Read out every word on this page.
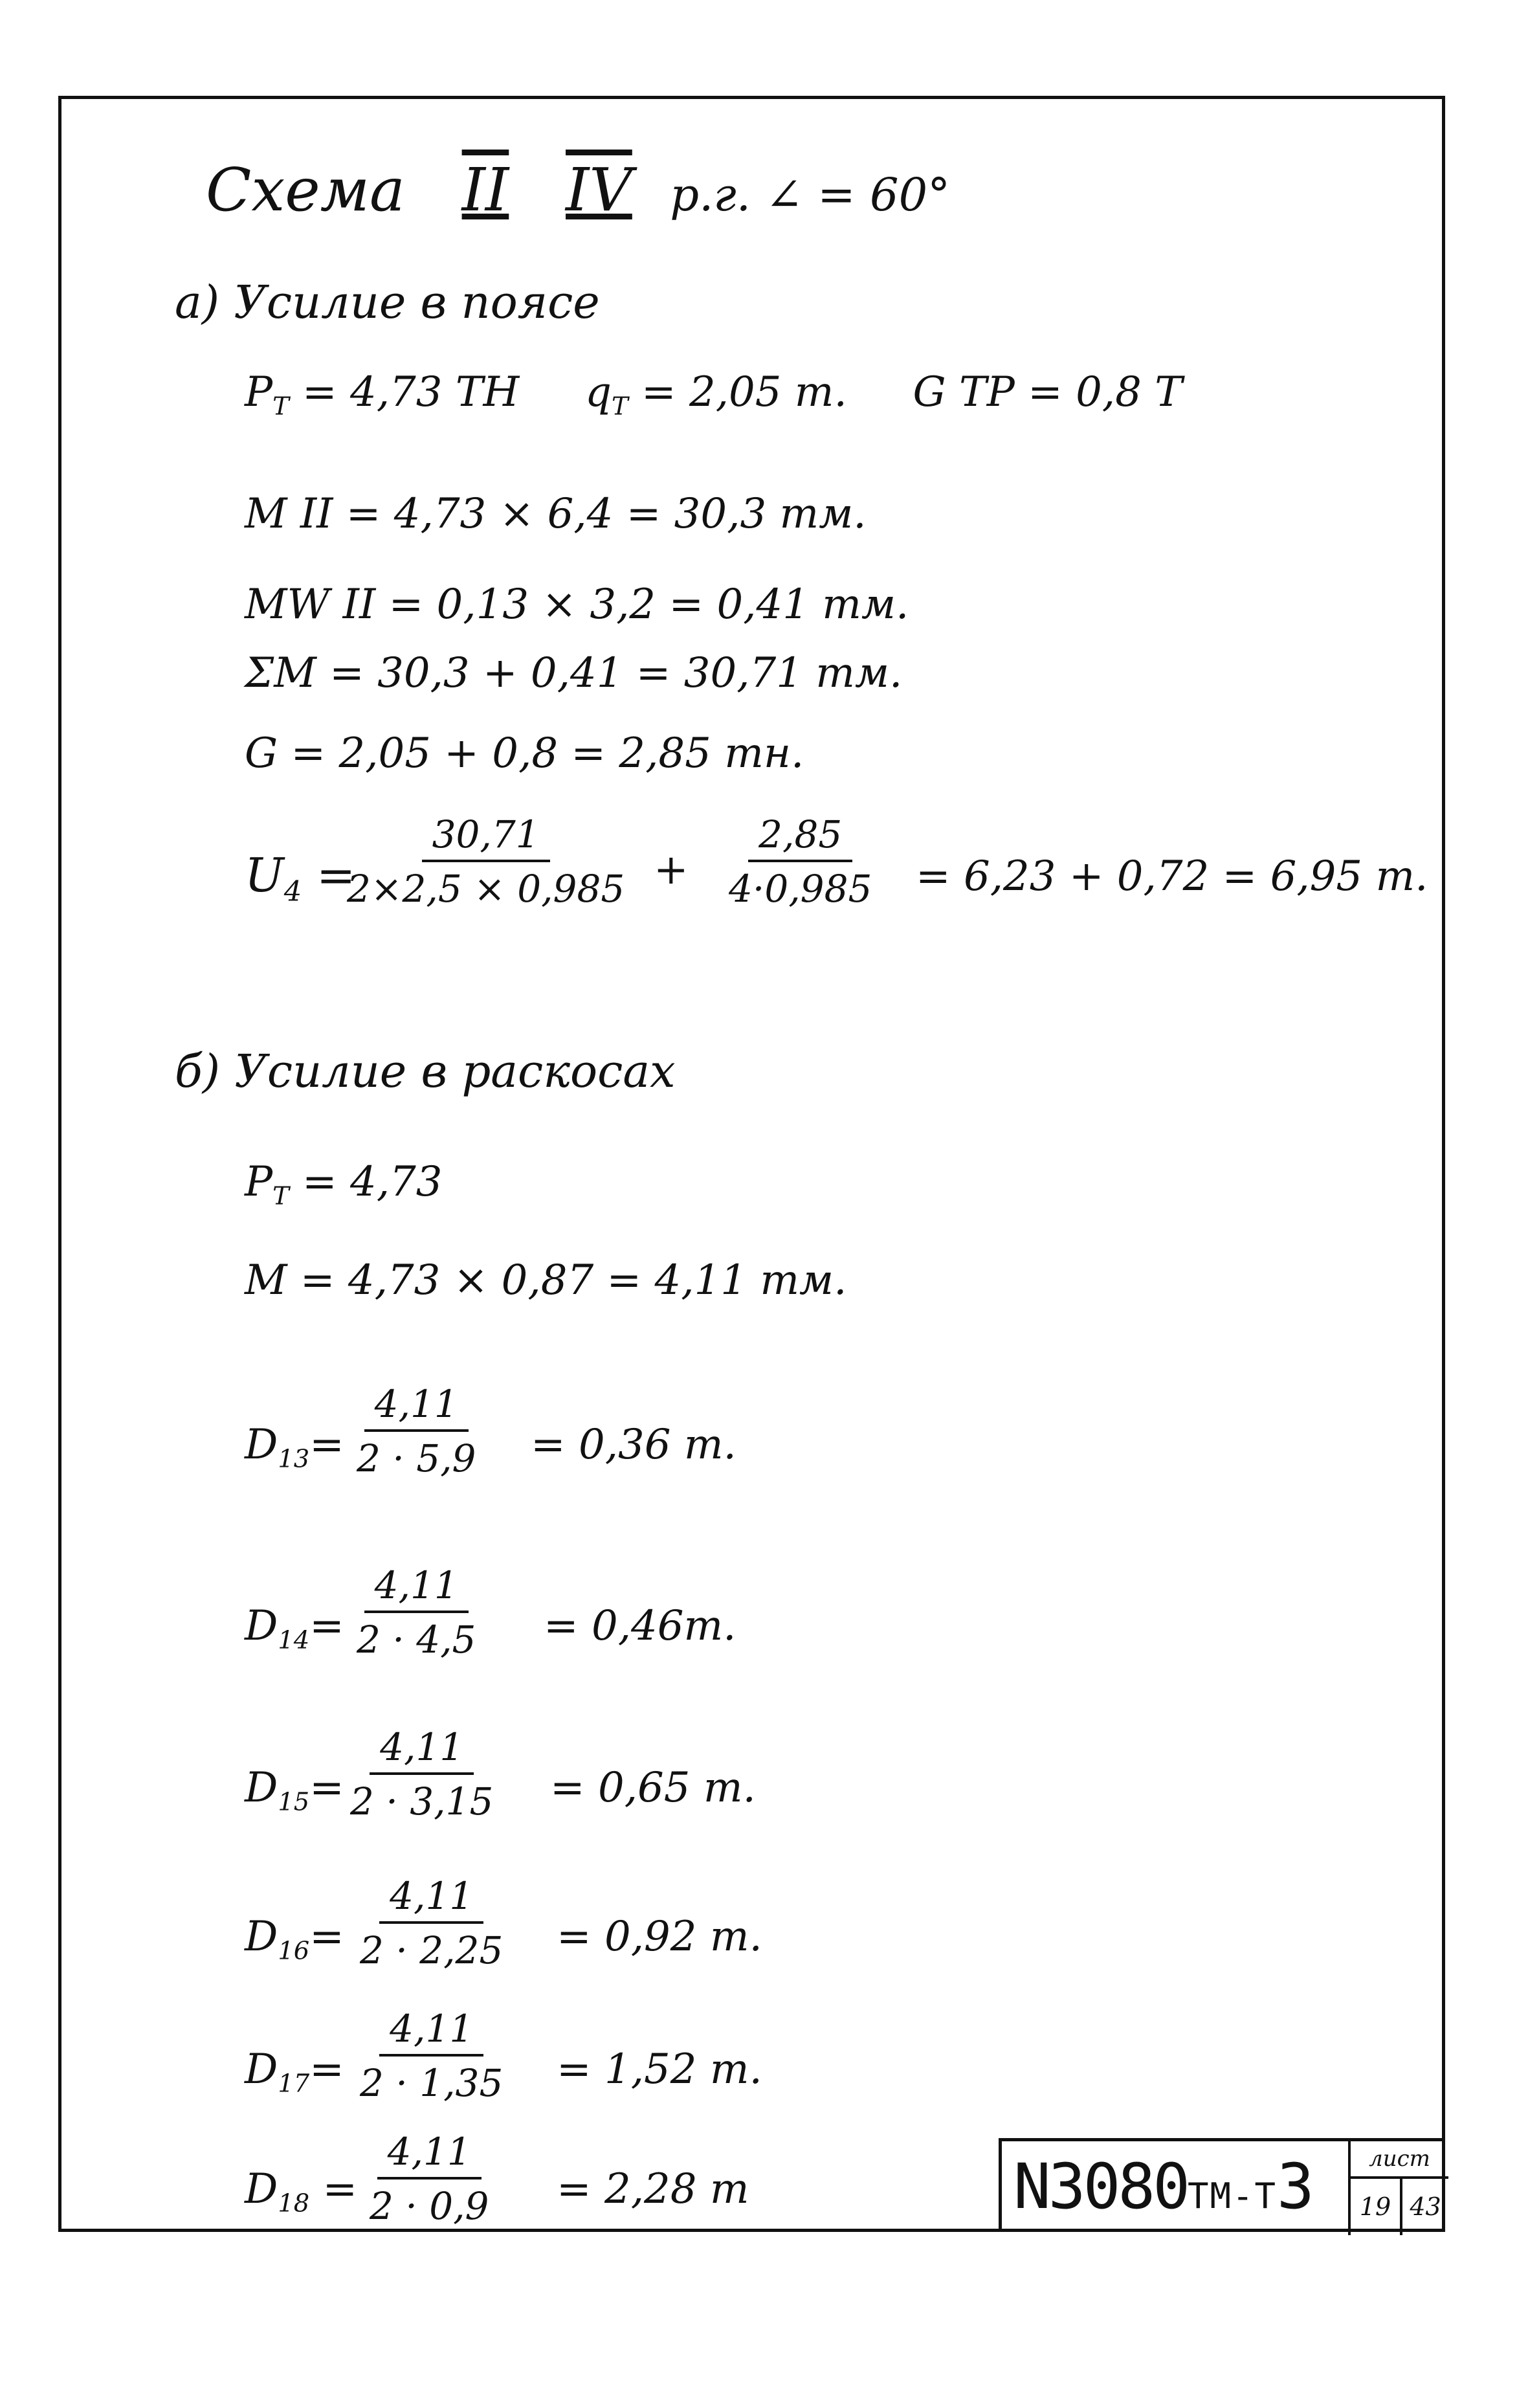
Схема II IV р.г. ∠ = 60°
а) Усилие в поясе
$P_T = 4,73$ ТН $q_T = 2,05$ т. G ТР = 0,8 Т
M II = 4,73 × 6,4 = 30,3 тм.
MW II = 0,13 × 3,2 = 0,41 тм.
ΣM = 30,3 + 0,41 = 30,71 тм.
G = 2,05 + 0,8 = 2,85 тн.
$U_4$ =
$\frac{30,71}{2\times 2,5 \times 0,985} + \frac{2,85}{4\cdot 0,985} = 6,23 + 0,72 = 6,95$ т.
б) Усилие в раскосах
$P_T = 4,73$
M = 4,73 × 0,87 = 4,11 тм.
$D_{13}= \frac{4,11}{2 \cdot 5,9} = 0,36$ т.
$D_{14}= \frac{4,11}{2 \cdot 4,5} = 0,46т$.
$D_{15}=$
$\frac{4,11}{2 \cdot 3,15} = 0,65$ т.
$D_{16}= \frac{4,11}{2 \cdot 2,25} = 0,92$ т.
$D_{17}= \frac{4,11}{2 \cdot 1,35} = 1,52$ т.
$D_{18} = \frac{4,11}{2 \cdot 0,9} = 2,28$ т	N3080ТМ-Т3	лист
19 43
